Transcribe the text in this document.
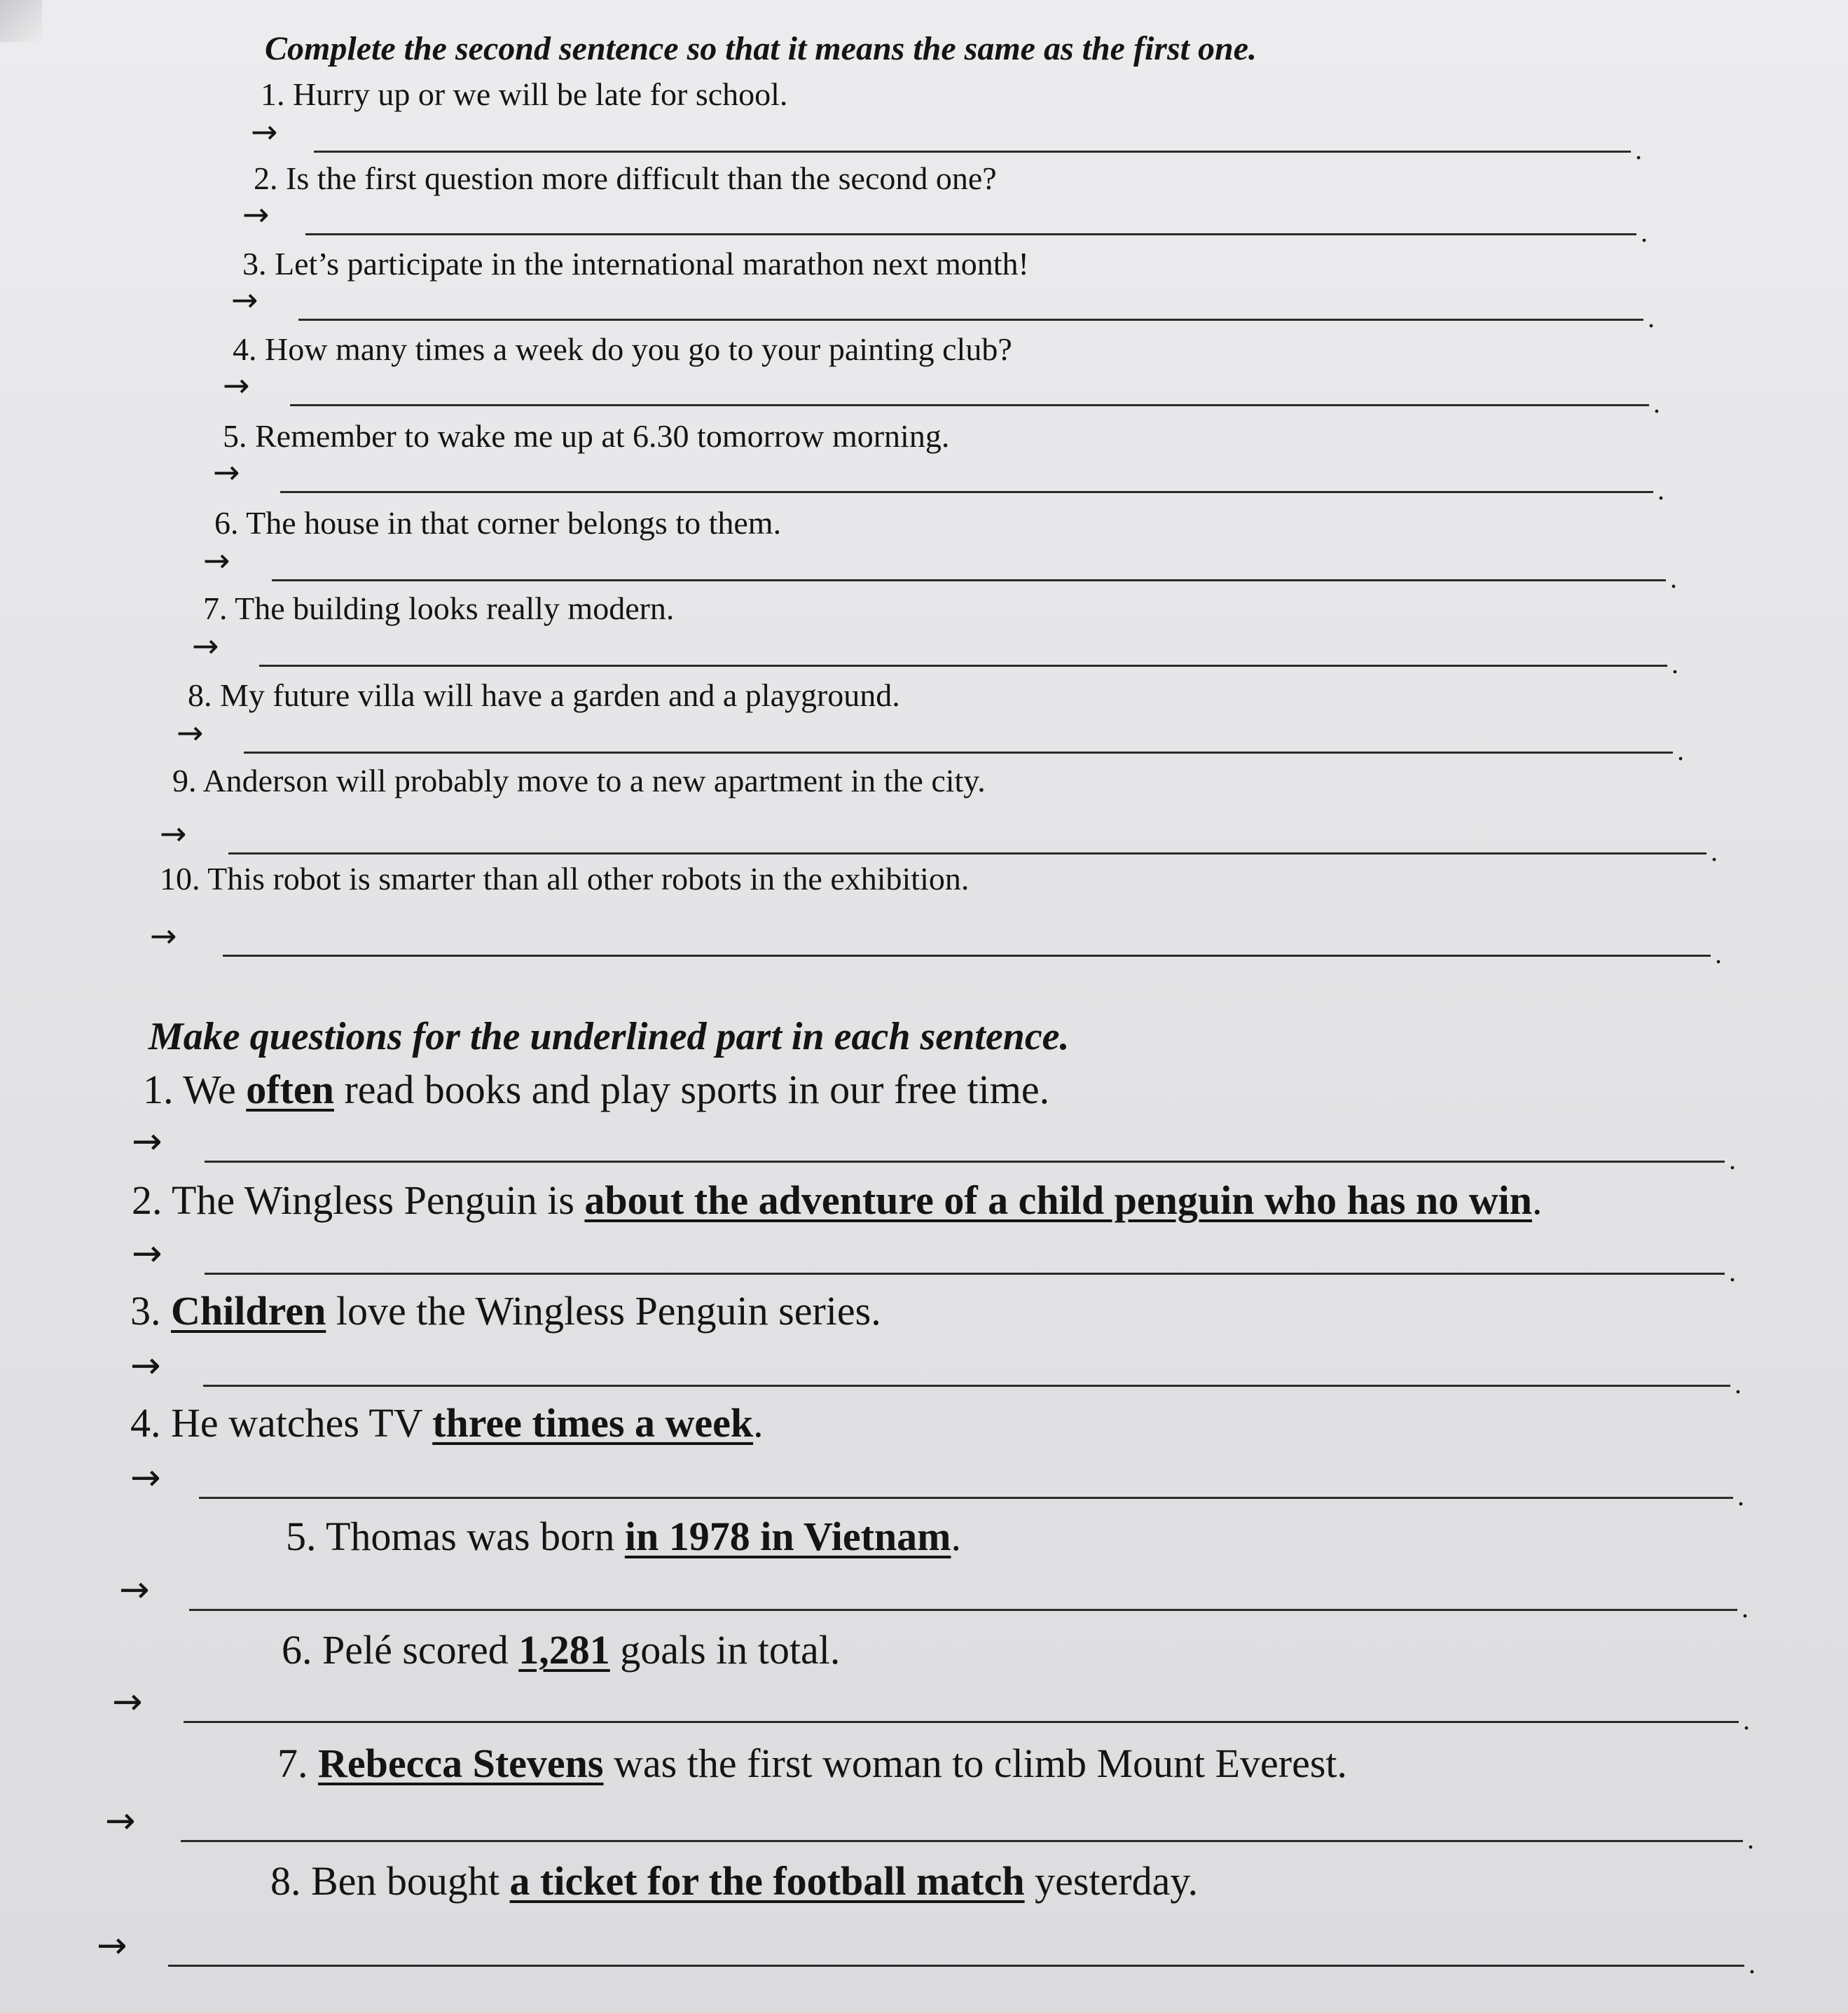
Complete the second sentence so that it means the same as the first one.
1. Hurry up or we will be late for school.
→	.
2. Is the first question more difficult than the second one?
→	.
3. Let’s participate in the international marathon next month!
→	.
4. How many times a week do you go to your painting club?
→	.
5. Remember to wake me up at 6.30 tomorrow morning.
→	.
6. The house in that corner belongs to them.
→	.
7. The building looks really modern.
→	.
8. My future villa will have a garden and a playground.
→	.
9. Anderson will probably move to a new apartment in the city.
→	.
10. This robot is smarter than all other robots in the exhibition.
→	.
Make questions for the underlined part in each sentence.
1. We often read books and play sports in our free time.
→	.
2. The Wingless Penguin is about the adventure of a child penguin who has no win.
→	.
3. Children love the Wingless Penguin series.
→	.
4. He watches TV three times a week.
→	.
5. Thomas was born in 1978 in Vietnam.
→	.
6. Pelé scored 1,281 goals in total.
→	.
7. Rebecca Stevens was the first woman to climb Mount Everest.
→	.
8. Ben bought a ticket for the football match yesterday.
→	.
